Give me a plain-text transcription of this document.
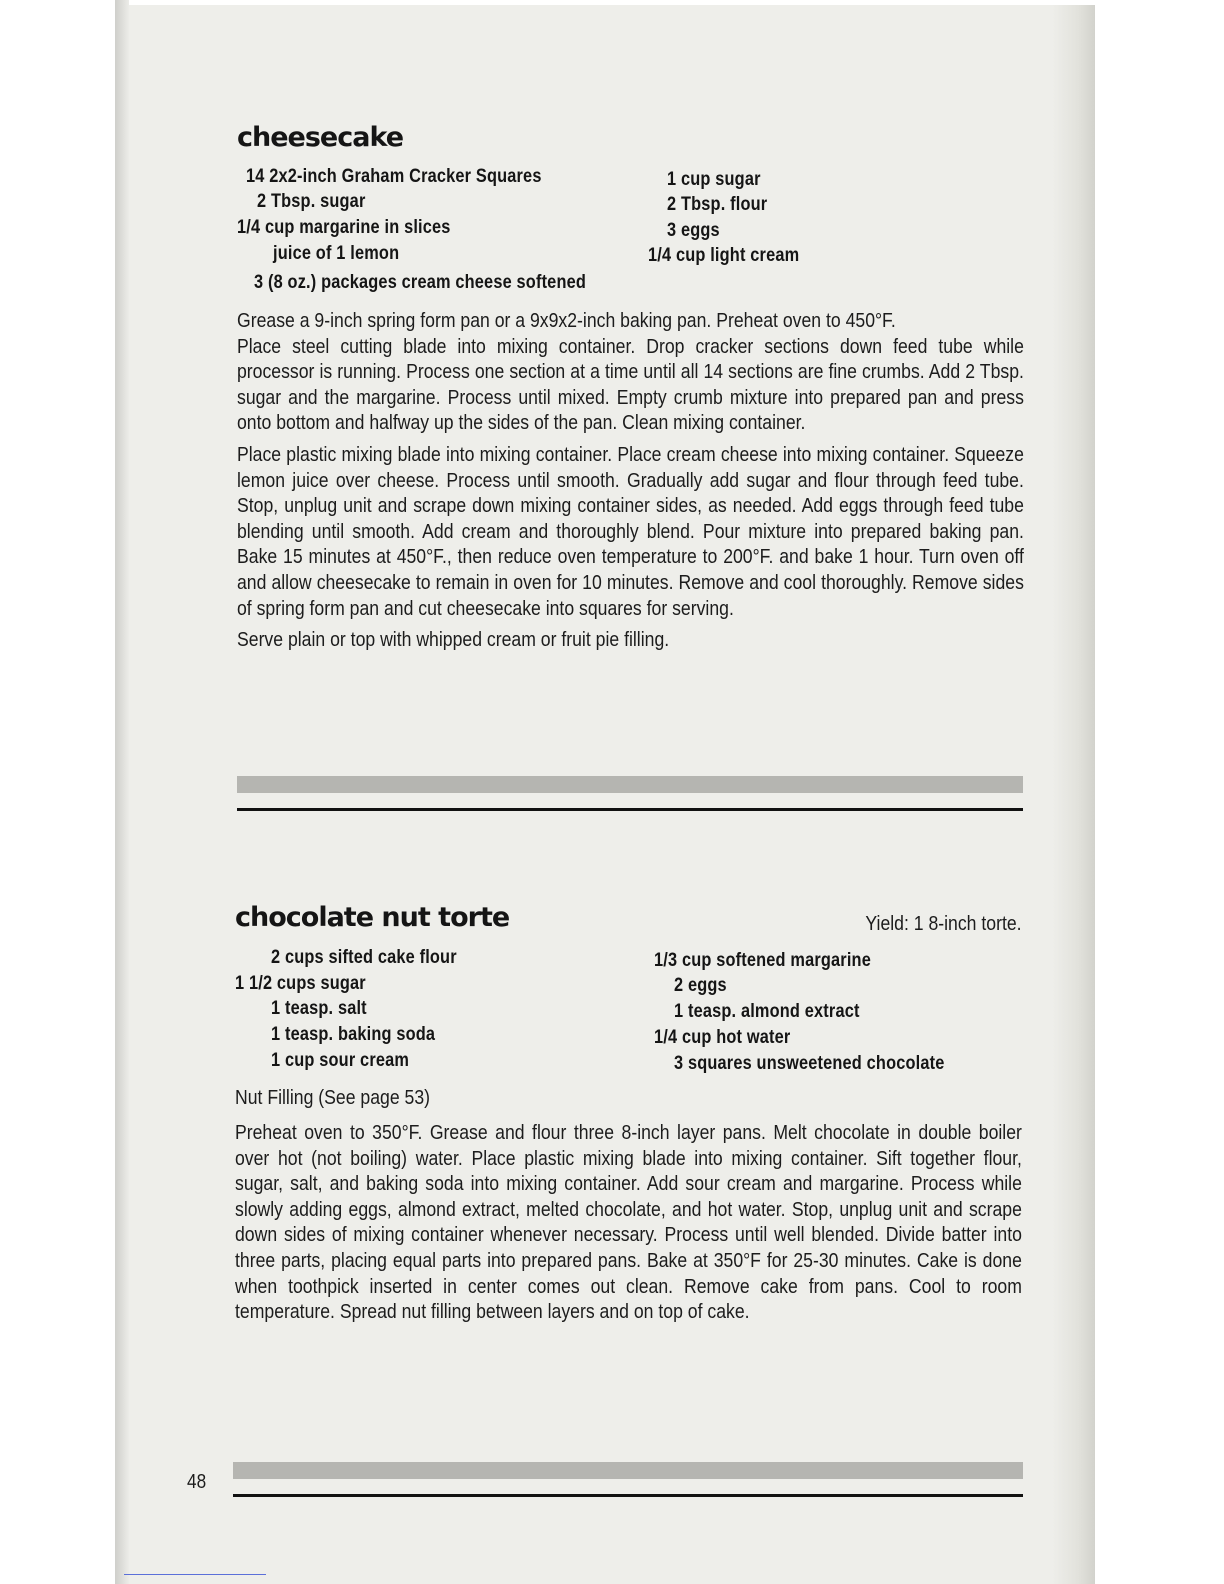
cheesecake
14 2x2-inch Graham Cracker Squares
2 Tbsp. sugar
1/4 cup margarine in slices
juice of 1 lemon
3 (8 oz.) packages cream cheese softened
1 cup sugar
2 Tbsp. flour
3 eggs
1/4 cup light cream

Grease a 9-inch spring form pan or a 9x9x2-inch baking pan. Preheat oven to 450°F.

Place steel cutting blade into mixing container. Drop cracker sections down feed tube while processor is running. Process one section at a time until all 14 sections are fine crumbs. Add 2 Tbsp. sugar and the margarine. Process until mixed. Empty crumb mixture into prepared pan and press onto bottom and halfway up the sides of the pan. Clean mixing container.

Place plastic mixing blade into mixing container. Place cream cheese into mixing container. Squeeze lemon juice over cheese. Process until smooth. Gradually add sugar and flour through feed tube. Stop, unplug unit and scrape down mixing container sides, as needed. Add eggs through feed tube blending until smooth. Add cream and thoroughly blend. Pour mixture into prepared baking pan. Bake 15 minutes at 450°F., then reduce oven temperature to 200°F. and bake 1 hour. Turn oven off and allow cheesecake to remain in oven for 10 minutes. Remove and cool thoroughly. Remove sides of spring form pan and cut cheesecake into squares for serving.

Serve plain or top with whipped cream or fruit pie filling.

chocolate nut torte	Yield: 1 8-inch torte.
2 cups sifted cake flour
1 1/2 cups sugar
1 teasp. salt
1 teasp. baking soda
1 cup sour cream
1/3 cup softened margarine
2 eggs
1 teasp. almond extract
1/4 cup hot water
3 squares unsweetened chocolate
Nut Filling (See page 53)

Preheat oven to 350°F. Grease and flour three 8-inch layer pans. Melt chocolate in double boiler over hot (not boiling) water. Place plastic mixing blade into mixing container. Sift together flour, sugar, salt, and baking soda into mixing container. Add sour cream and margarine. Process while slowly adding eggs, almond extract, melted chocolate, and hot water. Stop, unplug unit and scrape down sides of mixing container whenever necessary. Process until well blended. Divide batter into three parts, placing equal parts into prepared pans. Bake at 350°F for 25-30 minutes. Cake is done when toothpick inserted in center comes out clean. Remove cake from pans. Cool to room temperature. Spread nut filling between layers and on top of cake.

48
